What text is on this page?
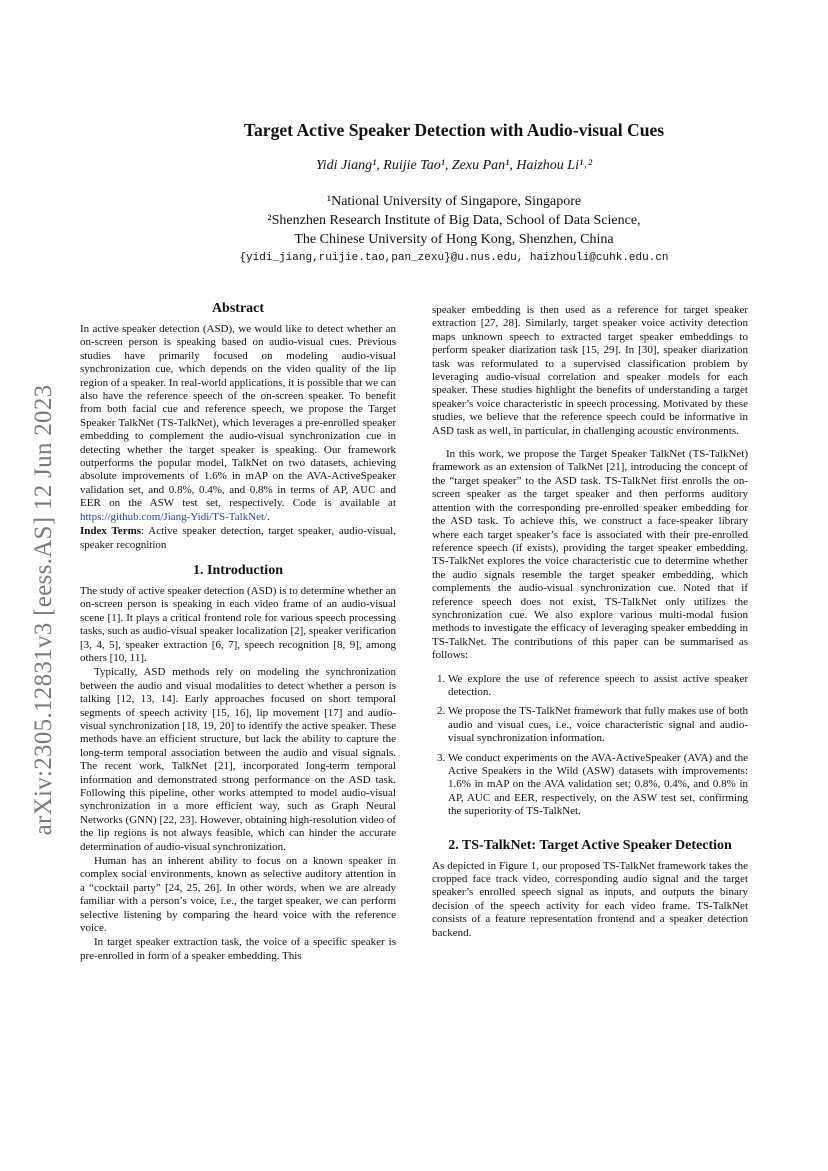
arXiv:2305.12831v3 [eess.AS] 12 Jun 2023
Target Active Speaker Detection with Audio-visual Cues
Yidi Jiang¹, Ruijie Tao¹, Zexu Pan¹, Haizhou Li¹˒²
¹National University of Singapore, Singapore
²Shenzhen Research Institute of Big Data, School of Data Science,
The Chinese University of Hong Kong, Shenzhen, China
{yidi_jiang,ruijie.tao,pan_zexu}@u.nus.edu, haizhouli@cuhk.edu.cn
Abstract

In active speaker detection (ASD), we would like to detect whether an on-screen person is speaking based on audio-visual cues. Previous studies have primarily focused on modeling audio-visual synchronization cue, which depends on the video quality of the lip region of a speaker. In real-world applications, it is possible that we can also have the reference speech of the on-screen speaker. To benefit from both facial cue and reference speech, we propose the Target Speaker TalkNet (TS-TalkNet), which leverages a pre-enrolled speaker embedding to complement the audio-visual synchronization cue in detecting whether the target speaker is speaking. Our framework outperforms the popular model, TalkNet on two datasets, achieving absolute improvements of 1.6% in mAP on the AVA-ActiveSpeaker validation set, and 0.8%, 0.4%, and 0.8% in terms of AP, AUC and EER on the ASW test set, respectively. Code is available at https://github.com/Jiang-Yidi/TS-TalkNet/.

Index Terms: Active speaker detection, target speaker, audio-visual, speaker recognition

1. Introduction

The study of active speaker detection (ASD) is to determine whether an on-screen person is speaking in each video frame of an audio-visual scene [1]. It plays a critical frontend role for various speech processing tasks, such as audio-visual speaker localization [2], speaker verification [3, 4, 5], speaker extraction [6, 7], speech recognition [8, 9], among others [10, 11].

Typically, ASD methods rely on modeling the synchronization between the audio and visual modalities to detect whether a person is talking [12, 13, 14]. Early approaches focused on short temporal segments of speech activity [15, 16], lip movement [17] and audio-visual synchronization [18, 19, 20] to identify the active speaker. These methods have an efficient structure, but lack the ability to capture the long-term temporal association between the audio and visual signals. The recent work, TalkNet [21], incorporated long-term temporal information and demonstrated strong performance on the ASD task. Following this pipeline, other works attempted to model audio-visual synchronization in a more efficient way, such as Graph Neural Networks (GNN) [22, 23]. However, obtaining high-resolution video of the lip regions is not always feasible, which can hinder the accurate determination of audio-visual synchronization.

Human has an inherent ability to focus on a known speaker in complex social environments, known as selective auditory attention in a “cocktail party” [24, 25, 26]. In other words, when we are already familiar with a person’s voice, i.e., the target speaker, we can perform selective listening by comparing the heard voice with the reference voice.

In target speaker extraction task, the voice of a specific speaker is pre-enrolled in form of a speaker embedding. This

speaker embedding is then used as a reference for target speaker extraction [27, 28]. Similarly, target speaker voice activity detection maps unknown speech to extracted target speaker embeddings to perform speaker diarization task [15, 29]. In [30], speaker diarization task was reformulated to a supervised classification problem by leveraging audio-visual correlation and speaker models for each speaker. These studies highlight the benefits of understanding a target speaker’s voice characteristic in speech processing. Motivated by these studies, we believe that the reference speech could be informative in ASD task as well, in particular, in challenging acoustic environments.

In this work, we propose the Target Speaker TalkNet (TS-TalkNet) framework as an extension of TalkNet [21], introducing the concept of the “target speaker” to the ASD task. TS-TalkNet first enrolls the on-screen speaker as the target speaker and then performs auditory attention with the corresponding pre-enrolled speaker embedding for the ASD task. To achieve this, we construct a face-speaker library where each target speaker’s face is associated with their pre-enrolled reference speech (if exists), providing the target speaker embedding. TS-TalkNet explores the voice characteristic cue to determine whether the audio signals resemble the target speaker embedding, which complements the audio-visual synchronization cue. Noted that if reference speech does not exist, TS-TalkNet only utilizes the synchronization cue. We also explore various multi-modal fusion methods to investigate the efficacy of leveraging speaker embedding in TS-TalkNet. The contributions of this paper can be summarised as follows:

1. We explore the use of reference speech to assist active speaker detection.
2. We propose the TS-TalkNet framework that fully makes use of both audio and visual cues, i.e., voice characteristic signal and audio-visual synchronization information.
3. We conduct experiments on the AVA-ActiveSpeaker (AVA) and the Active Speakers in the Wild (ASW) datasets with improvements: 1.6% in mAP on the AVA validation set; 0.8%, 0.4%, and 0.8% in AP, AUC and EER, respectively, on the ASW test set, confirming the superiority of TS-TalkNet.
2. TS-TalkNet: Target Active Speaker Detection

As depicted in Figure 1, our proposed TS-TalkNet framework takes the cropped face track video, corresponding audio signal and the target speaker’s enrolled speech signal as inputs, and outputs the binary decision of the speech activity for each video frame. TS-TalkNet consists of a feature representation frontend and a speaker detection backend.
